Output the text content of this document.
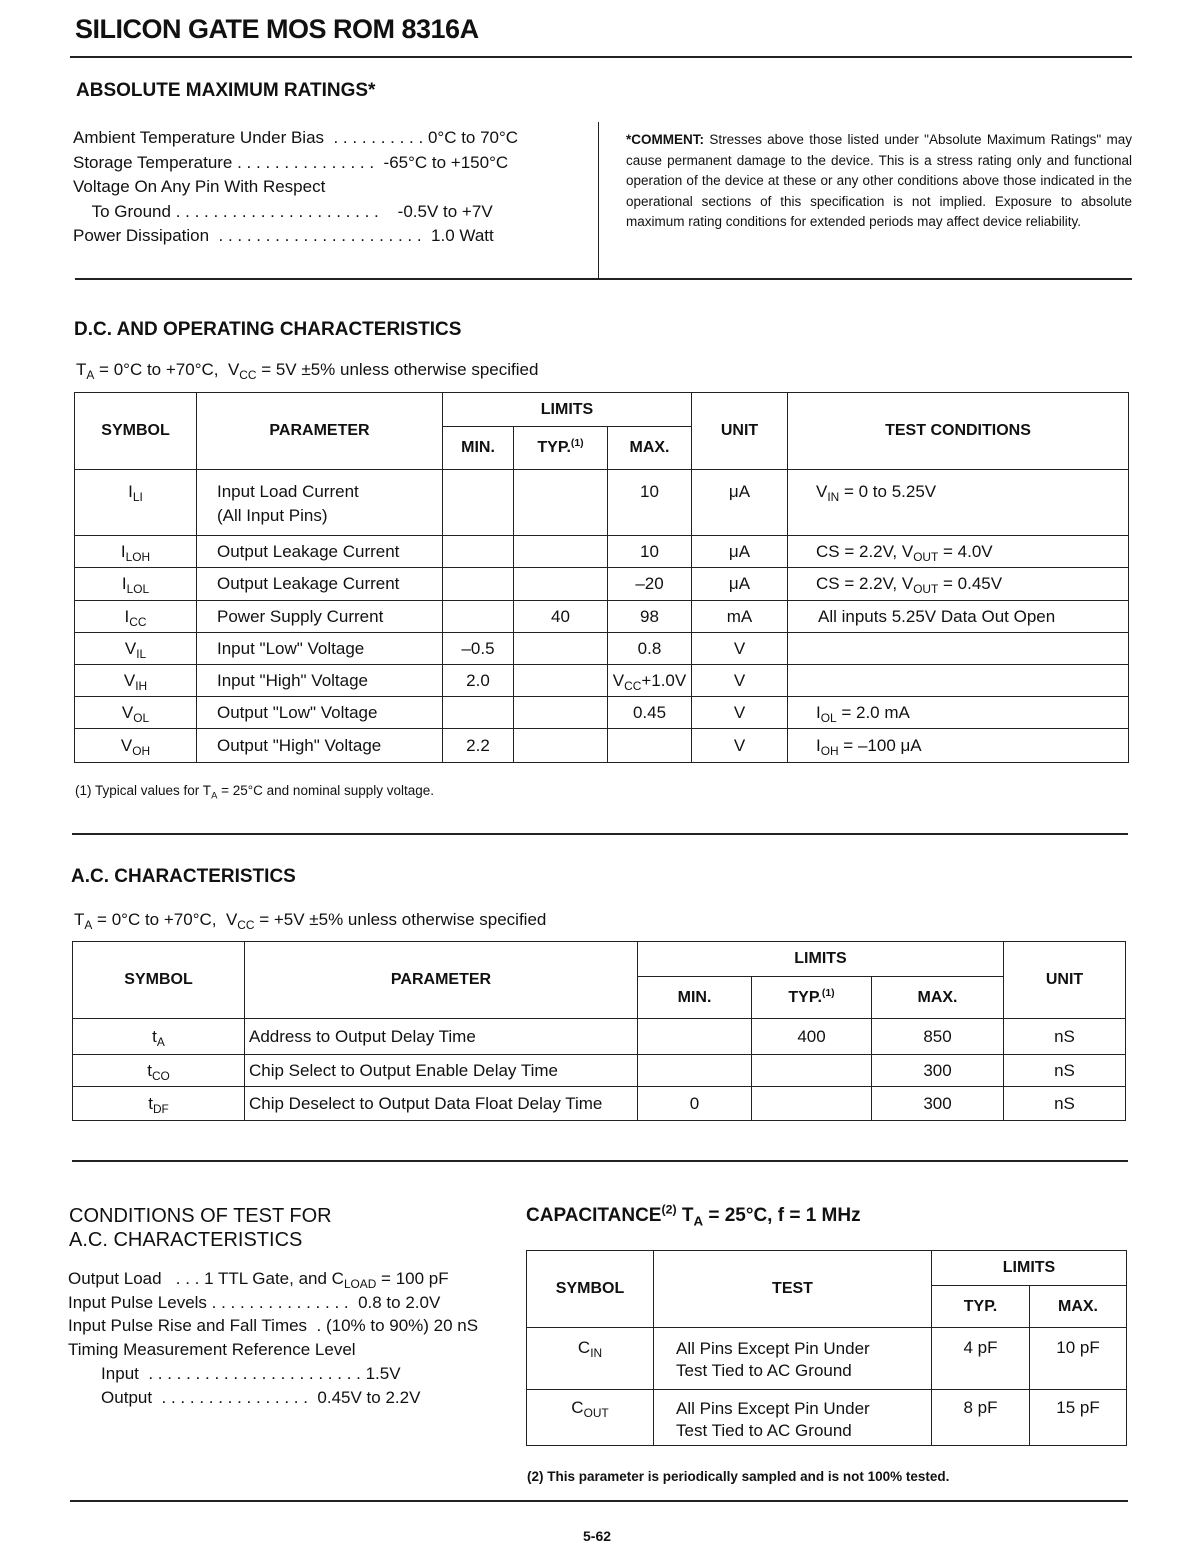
SILICON GATE MOS ROM 8316A
ABSOLUTE MAXIMUM RATINGS*
Ambient Temperature Under Bias  . . . . . . . . . . 0°C to 70°C
Storage Temperature . . . . . . . . . . . . . . .  -65°C to +150°C
Voltage On Any Pin With Respect
To Ground . . . . . . . . . . . . . . . . . . . . . .    -0.5V to +7V
Power Dissipation  . . . . . . . . . . . . . . . . . . . . . .  1.0 Watt
*COMMENT: Stresses above those listed under "Absolute Maximum Ratings" may cause permanent damage to the device. This is a stress rating only and functional operation of the device at these or any other conditions above those indicated in the operational sections of this specification is not implied. Exposure to absolute maximum rating conditions for extended periods may affect device reliability.
D.C. AND OPERATING CHARACTERISTICS
$T_A = 0^\circ C$ to +70°C,  $V_{CC} = 5V \pm 5\%$ unless otherwise specified
SYMBOL	PARAMETER	LIMITS			UNIT	TEST CONDITIONS
		MIN.	TYP.$^{(1)}$	MAX.		
$I_{LI}$	Input Load Current
(All Input Pins)			10	μA	$V_{IN} = 0$ to 5.25V
$I_{LOH}$	Output Leakage Current			10	μA	CS = 2.2V, $V_{OUT} = 4.0V$
$I_{LOL}$	Output Leakage Current			–20	μA	CS = 2.2V, $V_{OUT} = 0.45V$
$I_{CC}$	Power Supply Current		40	98	mA	All inputs 5.25V Data Out Open
$V_{IL}$	Input "Low" Voltage	–0.5		0.8	V	
$V_{IH}$	Input "High" Voltage	2.0		$V_{CC}+1.0V$	V	
$V_{OL}$	Output "Low" Voltage			0.45	V	$I_{OL} = 2.0$ mA
$V_{OH}$	Output "High" Voltage	2.2			V	$I_{OH} = -100$ μA
(1) Typical values for $T_A = 25^\circ C$ and nominal supply voltage.
A.C. CHARACTERISTICS
$T_A = 0^\circ C$ to +70°C,  $V_{CC} = +5V \pm 5\%$ unless otherwise specified
SYMBOL	PARAMETER	LIMITS			UNIT
		MIN.	TYP.$^{(1)}$	MAX.	
$t_A$	Address to Output Delay Time		400	850	nS
$t_{CO}$	Chip Select to Output Enable Delay Time			300	nS
$t_{DF}$	Chip Deselect to Output Data Float Delay Time	0		300	nS
CONDITIONS OF TEST FOR
A.C. CHARACTERISTICS
Output Load   . . . 1 TTL Gate, and $C_{LOAD} = 100$ pF
Input Pulse Levels . . . . . . . . . . . . . . .  0.8 to 2.0V
Input Pulse Rise and Fall Times  . (10% to 90%) 20 nS
Timing Measurement Reference Level
Input  . . . . . . . . . . . . . . . . . . . . . . . 1.5V
Output  . . . . . . . . . . . . . . . .  0.45V to 2.2V
CAPACITANCE$^{(2)}$ $T_A = 25^\circ C$, f = 1 MHz
SYMBOL	TEST	LIMITS	
		TYP.	MAX.
$C_{IN}$	All Pins Except Pin Under
Test Tied to AC Ground	4 pF	10 pF
$C_{OUT}$	All Pins Except Pin Under
Test Tied to AC Ground	8 pF	15 pF
(2) This parameter is periodically sampled and is not 100% tested.
5-62
